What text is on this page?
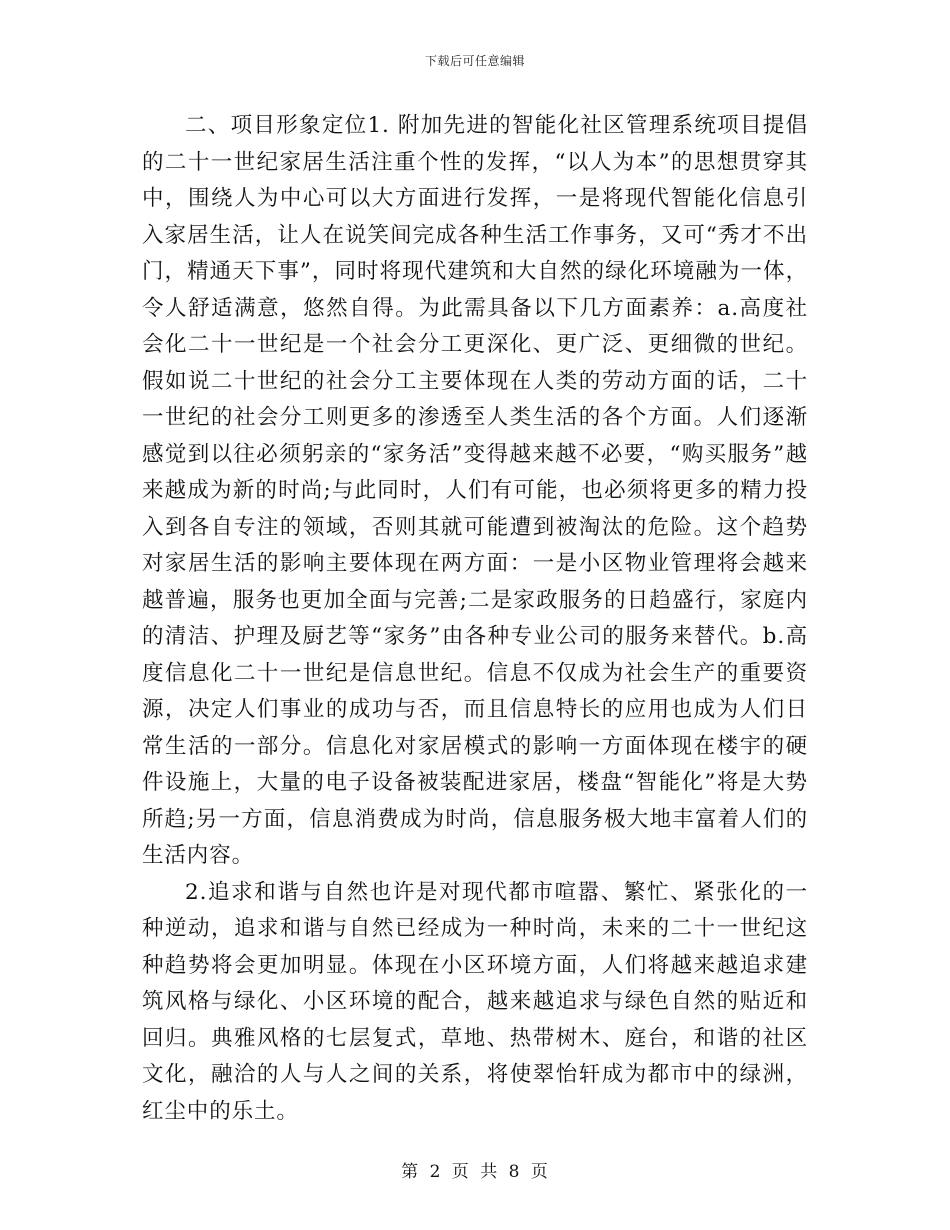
下载后可任意编辑

二、项目形象定位1. 附加先进的智能化社区管理系统项目提倡的二十一世纪家居生活注重个性的发挥，“以人为本”的思想贯穿其中，围绕人为中心可以大方面进行发挥，一是将现代智能化信息引入家居生活，让人在说笑间完成各种生活工作事务，又可“秀才不出门，精通天下事”，同时将现代建筑和大自然的绿化环境融为一体，令人舒适满意，悠然自得。为此需具备以下几方面素养：a.高度社会化二十一世纪是一个社会分工更深化、更广泛、更细微的世纪。假如说二十世纪的社会分工主要体现在人类的劳动方面的话，二十一世纪的社会分工则更多的渗透至人类生活的各个方面。人们逐渐感觉到以往必须躬亲的“家务活”变得越来越不必要，“购买服务”越来越成为新的时尚;与此同时，人们有可能，也必须将更多的精力投入到各自专注的领域，否则其就可能遭到被淘汰的危险。这个趋势对家居生活的影响主要体现在两方面：一是小区物业管理将会越来越普遍，服务也更加全面与完善;二是家政服务的日趋盛行，家庭内的清洁、护理及厨艺等“家务”由各种专业公司的服务来替代。b.高度信息化二十一世纪是信息世纪。信息不仅成为社会生产的重要资源，决定人们事业的成功与否，而且信息特长的应用也成为人们日常生活的一部分。信息化对家居模式的影响一方面体现在楼宇的硬件设施上，大量的电子设备被装配进家居，楼盘“智能化”将是大势所趋;另一方面，信息消费成为时尚，信息服务极大地丰富着人们的生活内容。

2.追求和谐与自然也许是对现代都市喧嚣、繁忙、紧张化的一种逆动，追求和谐与自然已经成为一种时尚，未来的二十一世纪这种趋势将会更加明显。体现在小区环境方面，人们将越来越追求建筑风格与绿化、小区环境的配合，越来越追求与绿色自然的贴近和回归。典雅风格的七层复式，草地、热带树木、庭台，和谐的社区文化，融洽的人与人之间的关系，将使翠怡轩成为都市中的绿洲，红尘中的乐土。

第 2 页 共 8 页
